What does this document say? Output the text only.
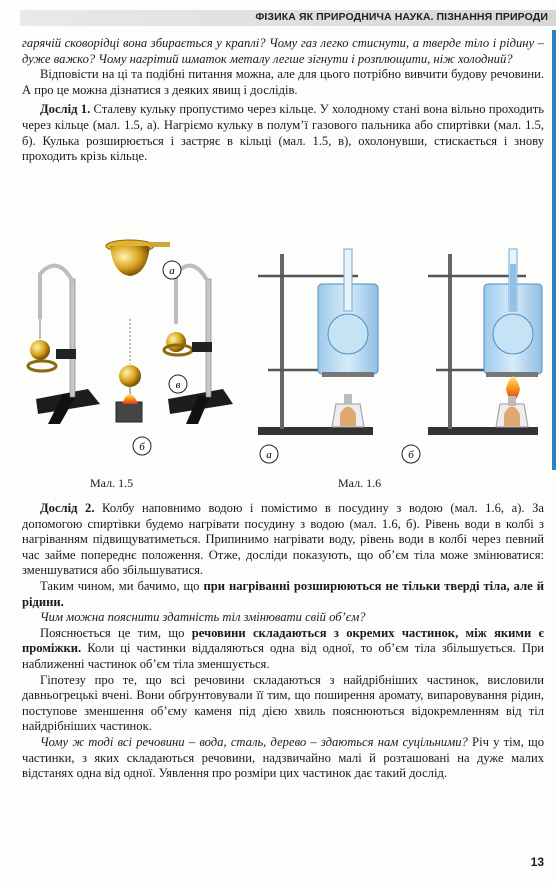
ФІЗИКА ЯК ПРИРОДНИЧА НАУКА. ПІЗНАННЯ ПРИРОДИ

гарячій сковорідці вона збирається у краплі? Чому газ легко стиснути, а тверде тіло і рідину – дуже важко? Чому нагрітий шматок металу легше зігнути і розплющити, ніж холодний?

Відповісти на ці та подібні питання можна, але для цього потрібно вивчити будову речовини. А про це можна дізнатися з деяких явищ і дослідів.

Дослід 1. Сталеву кульку пропустимо через кільце. У холодному стані вона вільно проходить через кільце (мал. 1.5, а). Нагріємо кульку в полум’ї газового пальника або спиртівки (мал. 1.5, б). Кулька розширюється і застряє в кільці (мал. 1.5, в), охолонувши, стискається і знову проходить крізь кільце.

а
в
б
а	б
Мал. 1.5	Мал. 1.6

Дослід 2. Колбу наповнимо водою і помістимо в посудину з водою (мал. 1.6, а). За допомогою спиртівки будемо нагрівати посудину з водою (мал. 1.6, б). Рівень води в колбі з нагріванням підвищуватиметься. Припинимо нагрівати воду, рівень води в колбі через певний час займе попереднє положення. Отже, досліди показують, що об’єм тіла може змінюватися: зменшуватися або збільшуватися.

Таким чином, ми бачимо, що при нагріванні розширюються не тільки тверді тіла, але й рідини.

Чим можна пояснити здатність тіл змінювати свій об’єм?

Пояснюється це тим, що речовини складаються з окремих частинок, між якими є проміжки. Коли ці частинки віддаляються одна від одної, то об’єм тіла збільшується. При наближенні частинок об’єм тіла зменшується.

Гіпотезу про те, що всі речовини складаються з найдрібніших частинок, висловили давньогрецькі вчені. Вони обґрунтовували її тим, що поширення аромату, випаровування рідин, поступове зменшення об’єму каменя під дією хвиль пояснюються відокремленням від тіл найдрібніших частинок.

Чому ж тоді всі речовини – вода, сталь, дерево – здаються нам суцільними? Річ у тім, що частинки, з яких складаються речовини, надзвичайно малі й розташовані на дуже малих відстанях одна від одної. Уявлення про розміри цих частинок дає такий дослід.

13
